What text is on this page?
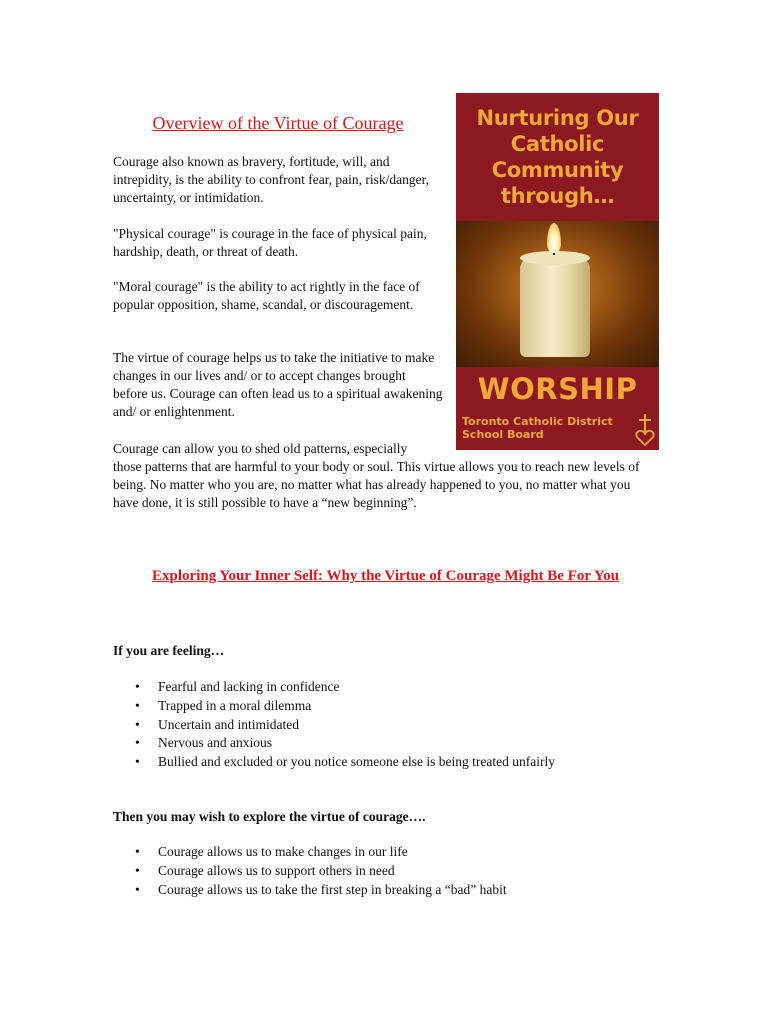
Overview of the Virtue of Courage

Courage also known as bravery, fortitude, will, and intrepidity, is the ability to confront fear, pain, risk/danger, uncertainty, or intimidation.

"Physical courage" is courage in the face of physical pain, hardship, death, or threat of death.

"Moral courage" is the ability to act rightly in the face of popular opposition, shame, scandal, or discouragement.

The virtue of courage helps us to take the initiative to make changes in our lives and/ or to accept changes brought before us. Courage can often lead us to a spiritual awakening and/ or enlightenment.

Courage can allow you to shed old patterns, especially

those patterns that are harmful to your body or soul. This virtue allows you to reach new levels of being. No matter who you are, no matter what has already happened to you, no matter what you have done, it is still possible to have a “new beginning”.

Nurturing Our Catholic Community through…
WORSHIP
Toronto Catholic District School Board
Exploring Your Inner Self: Why the Virtue of Courage Might Be For You

If you are feeling…

• Fearful and lacking in confidence
• Trapped in a moral dilemma
• Uncertain and intimidated
• Nervous and anxious
• Bullied and excluded or you notice someone else is being treated unfairly

Then you may wish to explore the virtue of courage….

• Courage allows us to make changes in our life
• Courage allows us to support others in need
• Courage allows us to take the first step in breaking a “bad” habit
